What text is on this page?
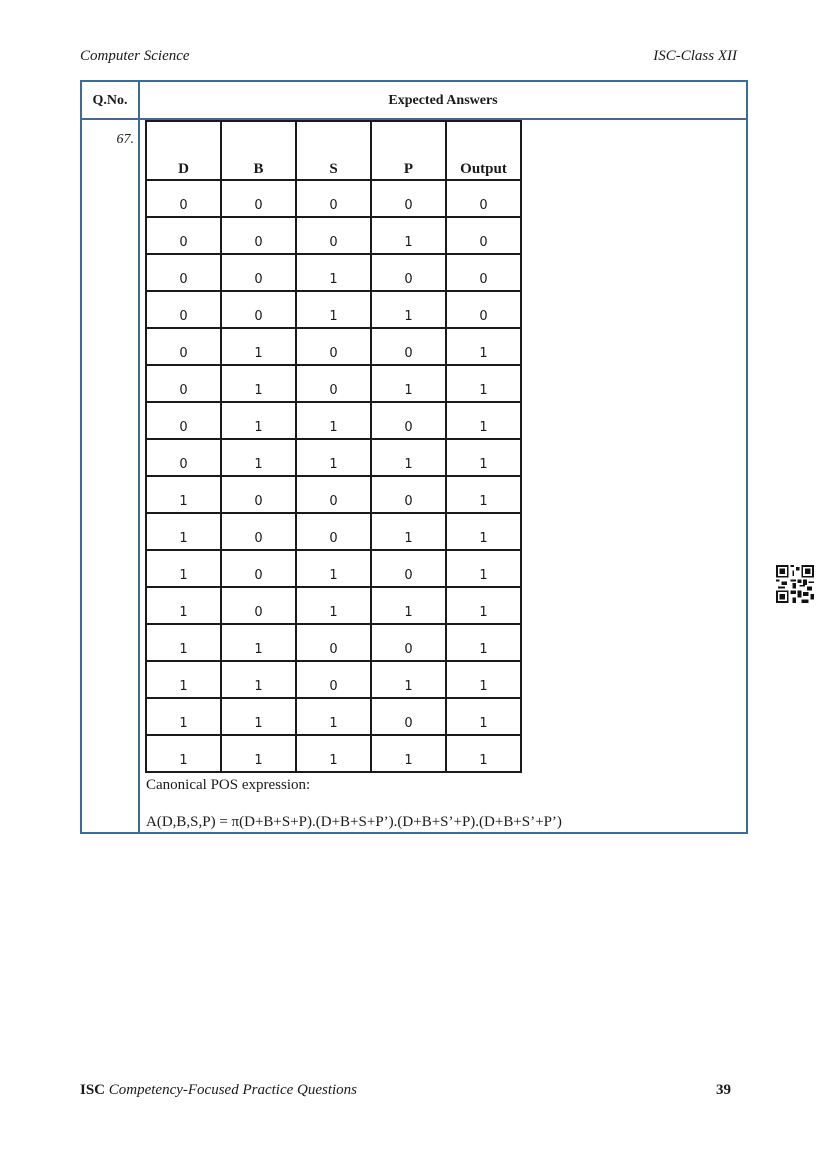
Computer Science	ISC-Class XII
Q.No.	Expected Answers
67.
D	B	S	P	Output
0	0	0	0	0
0	0	0	1	0
0	0	1	0	0
0	0	1	1	0
0	1	0	0	1
0	1	0	1	1
0	1	1	0	1
0	1	1	1	1
1	0	0	0	1
1	0	0	1	1
1	0	1	0	1
1	0	1	1	1
1	1	0	0	1
1	1	0	1	1
1	1	1	0	1
1	1	1	1	1
Canonical POS expression:
A(D,B,S,P) = π(D+B+S+P).(D+B+S+P’).(D+B+S’+P).(D+B+S’+P’)
ISC Competency-Focused Practice Questions	39
